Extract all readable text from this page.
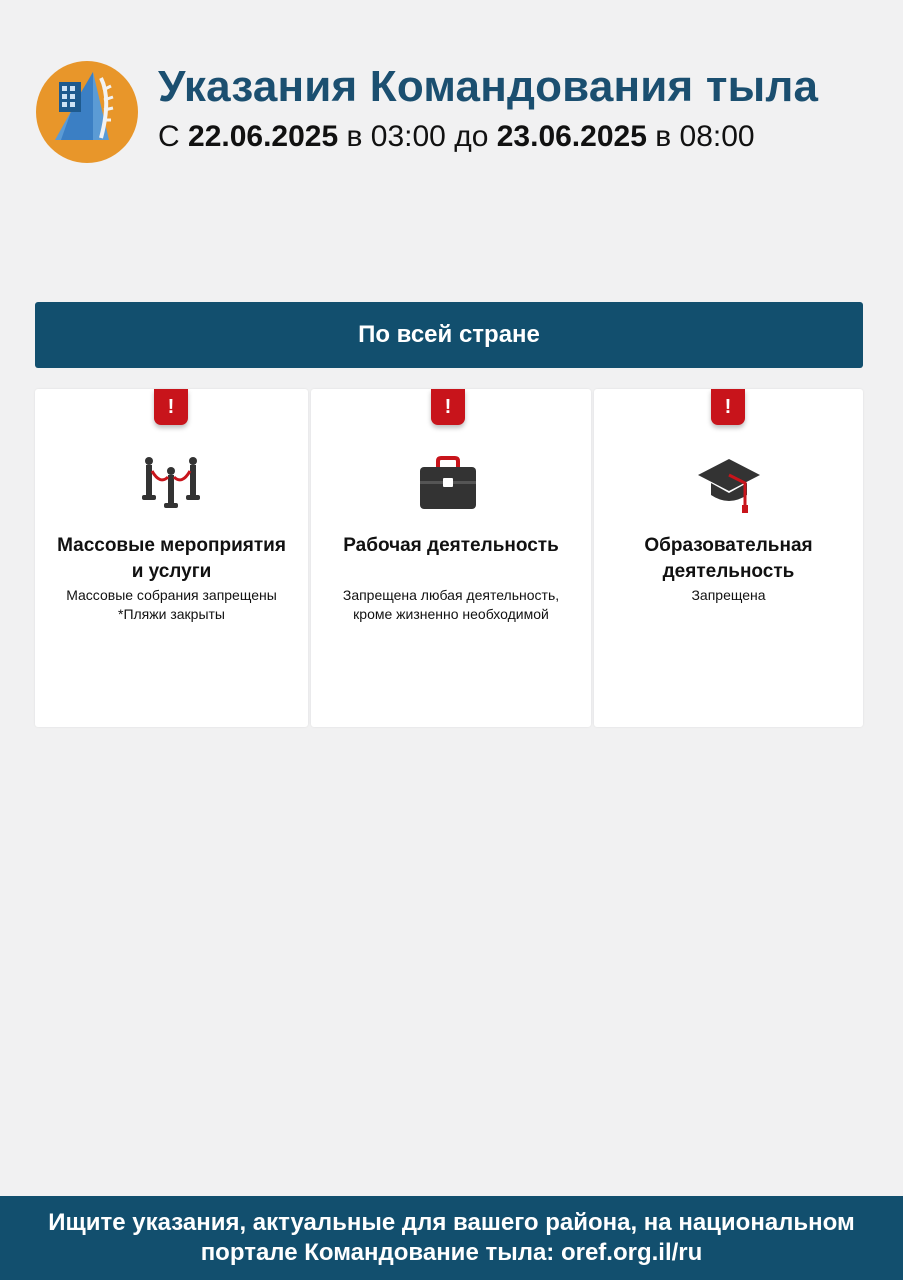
Указания Командования тыла
С 22.06.2025 в 03:00 до 23.06.2025 в 08:00
По всей стране
!
Массовые мероприятия
и услуги
Массовые собрания запрещены
*Пляжи закрыты
!
Рабочая деятельность
Запрещена любая деятельность,
кроме жизненно необходимой
!
Образовательная
деятельность
Запрещена
Ищите указания, актуальные для вашего района, на национальном
портале Командование тыла: oref.org.il/ru
